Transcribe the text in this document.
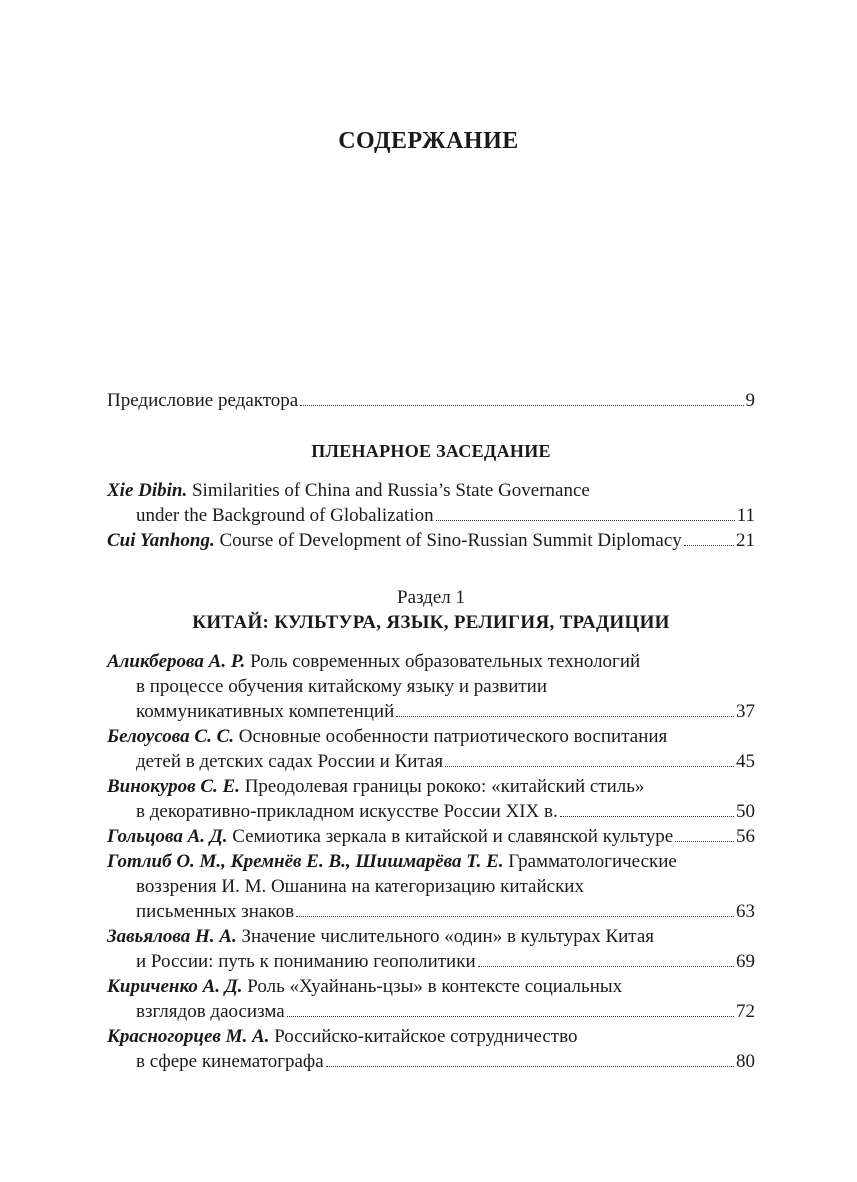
СОДЕРЖАНИЕ
Предисловие редактора	9
ПЛЕНАРНОЕ ЗАСЕДАНИЕ
Xie Dibin. Similarities of China and Russia’s State Governance
under the Background of Globalization	11
Cui Yanhong. Course of Development of Sino-Russian Summit Diplomacy	21
Раздел 1
КИТАЙ: КУЛЬТУРА, ЯЗЫК, РЕЛИГИЯ, ТРАДИЦИИ
Аликберова А. Р. Роль современных образовательных технологий
в процессе обучения китайскому языку и развитии
коммуникативных компетенций	37
Белоусова С. С. Основные особенности патриотического воспитания
детей в детских садах России и Китая	45
Винокуров С. Е. Преодолевая границы рококо: «китайский стиль»
в декоративно-прикладном искусстве России XIX в.	50
Гольцова А. Д. Семиотика зеркала в китайской и славянской культуре	56
Готлиб О. М., Кремнёв Е. В., Шишмарёва Т. Е. Грамматологические
воззрения И. М. Ошанина на категоризацию китайских
письменных знаков	63
Завьялова Н. А. Значение числительного «один» в культурах Китая
и России: путь к пониманию геополитики	69
Кириченко А. Д. Роль «Хуайнань-цзы» в контексте социальных
взглядов даосизма	72
Красногорцев М. А. Российско-китайское сотрудничество
в сфере кинематографа	80
